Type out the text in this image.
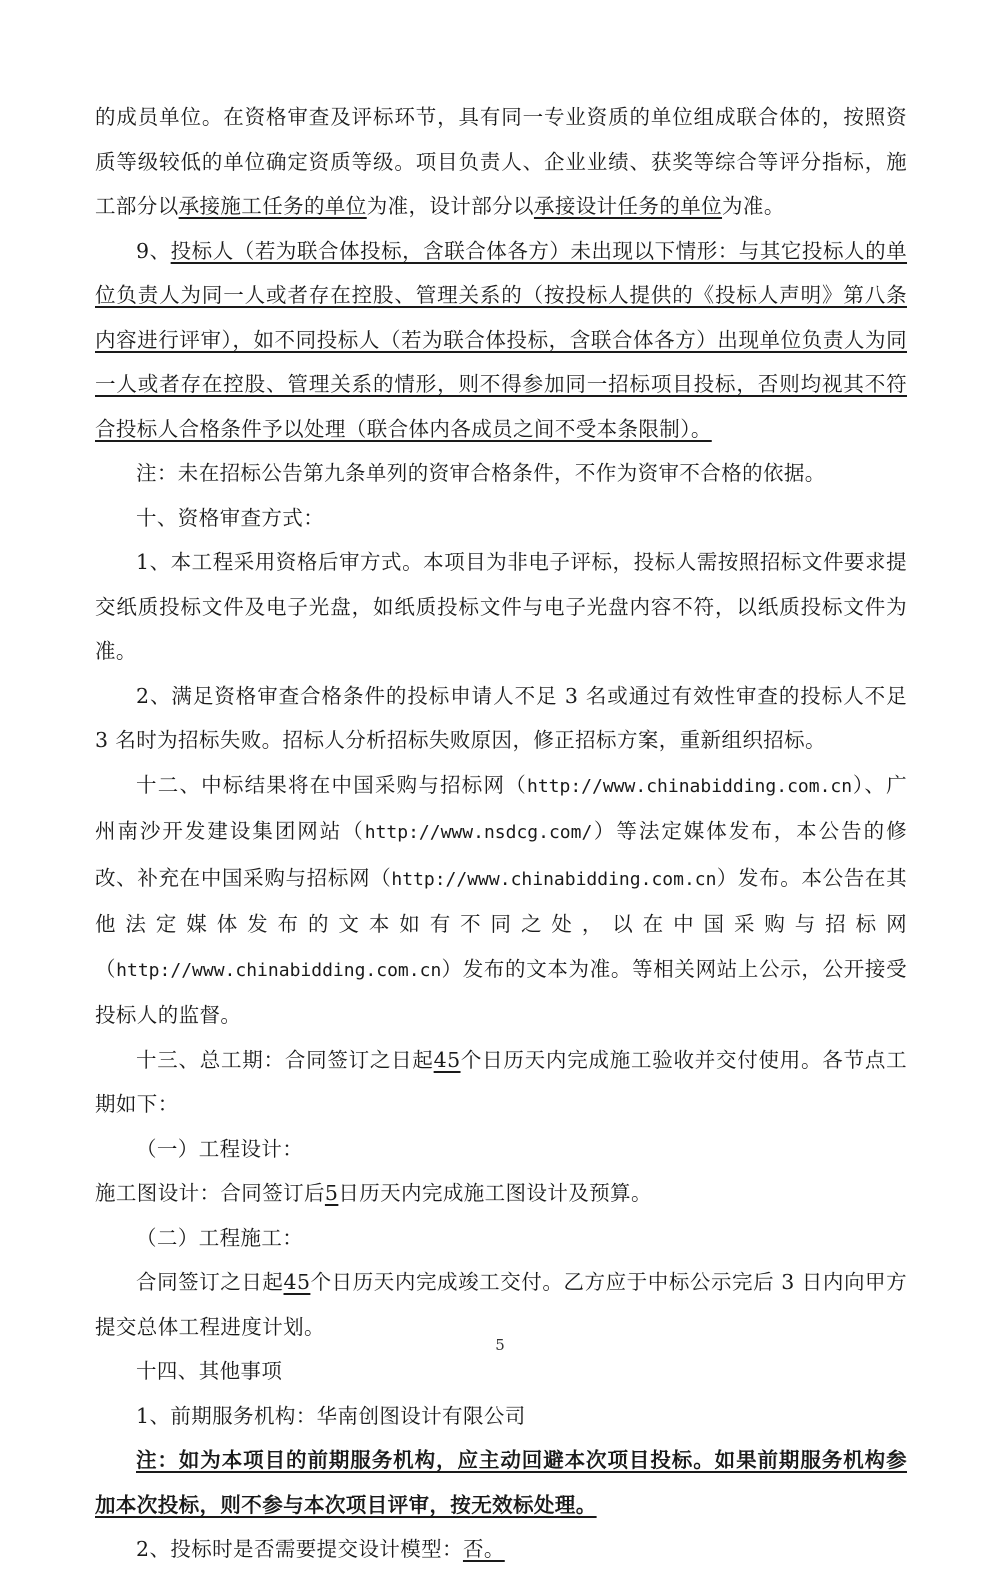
的成员单位。在资格审查及评标环节，具有同一专业资质的单位组成联合体的，按照资质等级较低的单位确定资质等级。项目负责人、企业业绩、获奖等综合等评分指标，施工部分以承接施工任务的单位为准，设计部分以承接设计任务的单位为准。

9、投标人（若为联合体投标，含联合体各方）未出现以下情形：与其它投标人的单位负责人为同一人或者存在控股、管理关系的（按投标人提供的《投标人声明》第八条内容进行评审），如不同投标人（若为联合体投标，含联合体各方）出现单位负责人为同一人或者存在控股、管理关系的情形，则不得参加同一招标项目投标，否则均视其不符合投标人合格条件予以处理（联合体内各成员之间不受本条限制）。

注：未在招标公告第九条单列的资审合格条件，不作为资审不合格的依据。

十、资格审查方式：

1、本工程采用资格后审方式。本项目为非电子评标，投标人需按照招标文件要求提交纸质投标文件及电子光盘，如纸质投标文件与电子光盘内容不符，以纸质投标文件为准。

2、满足资格审查合格条件的投标申请人不足 3 名或通过有效性审查的投标人不足 3 名时为招标失败。招标人分析招标失败原因，修正招标方案，重新组织招标。

十二、中标结果将在中国采购与招标网（http://www.chinabidding.com.cn）、广州南沙开发建设集团网站（http://www.nsdcg.com/）等法定媒体发布，本公告的修改、补充在中国采购与招标网（http://www.chinabidding.com.cn）发布。本公告在其他法定媒体发布的文本如有不同之处，以在中国采购与招标网（http://www.chinabidding.com.cn）发布的文本为准。等相关网站上公示，公开接受投标人的监督。

十三、总工期：合同签订之日起45个日历天内完成施工验收并交付使用。各节点工期如下：

（一）工程设计：

施工图设计：合同签订后5日历天内完成施工图设计及预算。

（二）工程施工：

合同签订之日起45个日历天内完成竣工交付。乙方应于中标公示完后 3 日内向甲方提交总体工程进度计划。

十四、其他事项

1、前期服务机构：华南创图设计有限公司

注：如为本项目的前期服务机构，应主动回避本次项目投标。如果前期服务机构参加本次投标，则不参与本次项目评审，按无效标处理。

2、投标时是否需要提交设计模型：否。

5
